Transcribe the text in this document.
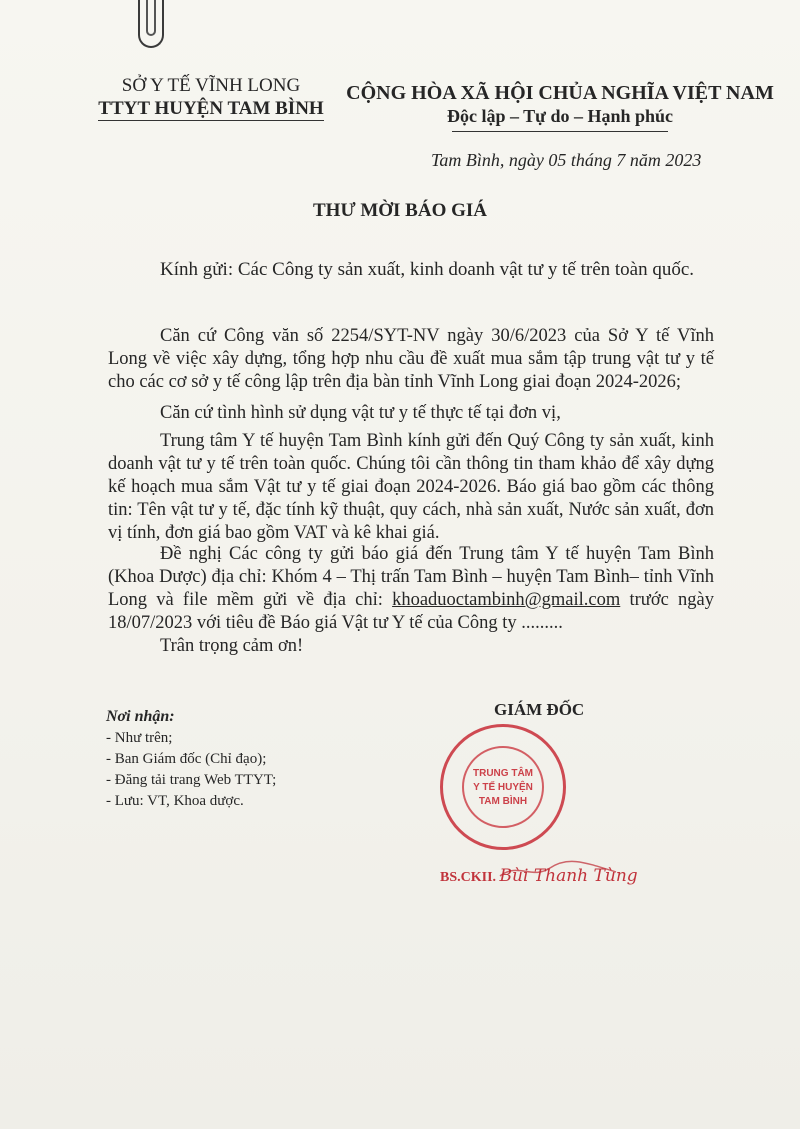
SỞ Y TẾ VĨNH LONG
TTYT HUYỆN TAM BÌNH
CỘNG HÒA XÃ HỘI CHỦA NGHĨA VIỆT NAM
Độc lập – Tự do – Hạnh phúc
Tam Bình, ngày 05 tháng 7 năm 2023
THƯ MỜI BÁO GIÁ
Kính gửi: Các Công ty sản xuất, kinh doanh vật tư y tế trên toàn quốc.
Căn cứ Công văn số 2254/SYT-NV ngày 30/6/2023 của Sở Y tế Vĩnh Long về việc xây dựng, tổng hợp nhu cầu đề xuất mua sắm tập trung vật tư y tế cho các cơ sở y tế công lập trên địa bàn tỉnh Vĩnh Long giai đoạn 2024-2026;
Căn cứ tình hình sử dụng vật tư y tế thực tế tại đơn vị,
Trung tâm Y tế huyện Tam Bình kính gửi đến Quý Công ty sản xuất, kinh doanh vật tư y tế trên toàn quốc. Chúng tôi cần thông tin tham khảo để xây dựng kế hoạch mua sắm Vật tư y tế giai đoạn 2024-2026. Báo giá bao gồm các thông tin: Tên vật tư y tế, đặc tính kỹ thuật, quy cách, nhà sản xuất, Nước sản xuất, đơn vị tính, đơn giá bao gồm VAT và kê khai giá.
Đề nghị Các công ty gửi báo giá đến Trung tâm Y tế huyện Tam Bình (Khoa Dược) địa chỉ: Khóm 4 – Thị trấn Tam Bình – huyện Tam Bình– tỉnh Vĩnh Long và file mềm gửi về địa chỉ: khoaduoctambinh@gmail.com trước ngày 18/07/2023 với tiêu đề Báo giá Vật tư Y tế của Công ty .........
Trân trọng cảm ơn!
Nơi nhận:
- Như trên;
- Ban Giám đốc (Chỉ đạo);
- Đăng tải trang Web TTYT;
- Lưu: VT, Khoa dược.
GIÁM ĐỐC
TRUNG TÂM
Y TẾ HUYỆN
TAM BÌNH
BS.CKII. Bùi Thanh Tùng
